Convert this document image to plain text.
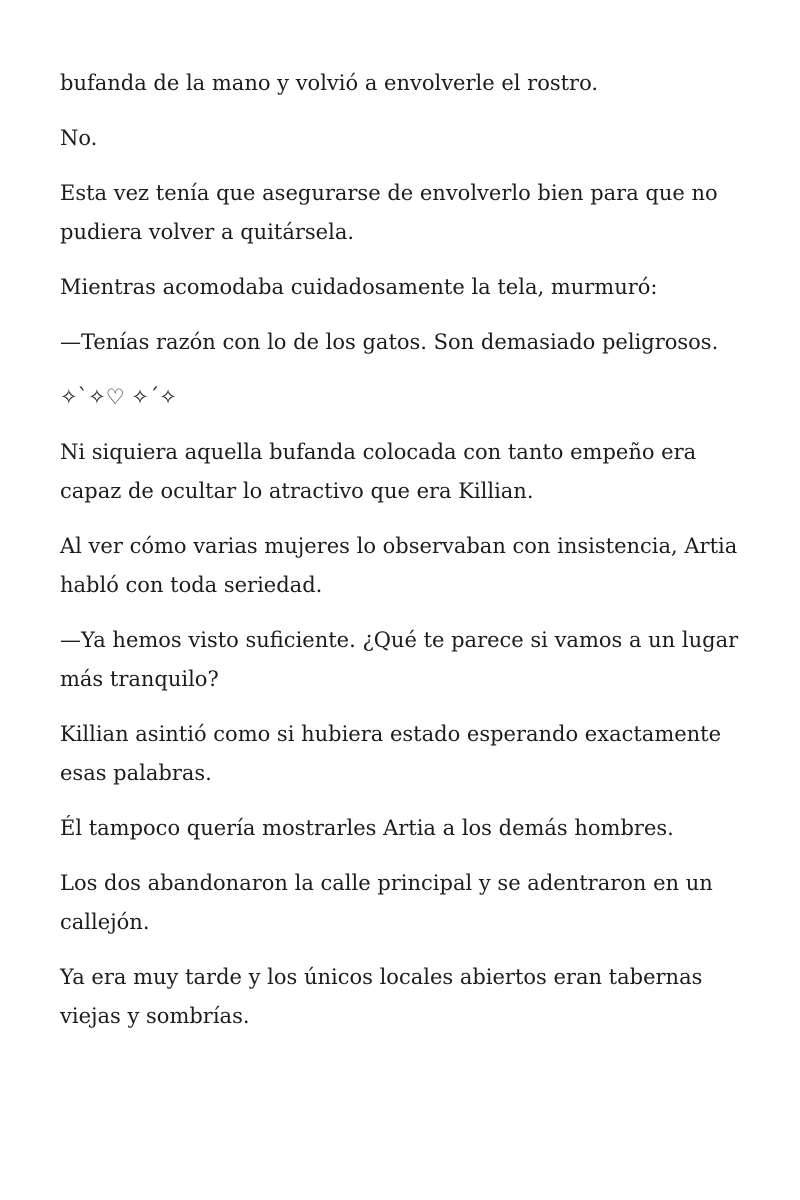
bufanda de la mano y volvió a envolverle el rostro.

No.

Esta vez tenía que asegurarse de envolverlo bien para que no pudiera volver a quitársela.

Mientras acomodaba cuidadosamente la tela, murmuró:

—Tenías razón con lo de los gatos. Son demasiado peligrosos.

✧`✧♡ ✧´✧

Ni siquiera aquella bufanda colocada con tanto empeño era capaz de ocultar lo atractivo que era Killian.

Al ver cómo varias mujeres lo observaban con insistencia, Artia habló con toda seriedad.

—Ya hemos visto suficiente. ¿Qué te parece si vamos a un lugar más tranquilo?

Killian asintió como si hubiera estado esperando exactamente esas palabras.

Él tampoco quería mostrarles Artia a los demás hombres.

Los dos abandonaron la calle principal y se adentraron en un callejón.

Ya era muy tarde y los únicos locales abiertos eran tabernas viejas y sombrías.
